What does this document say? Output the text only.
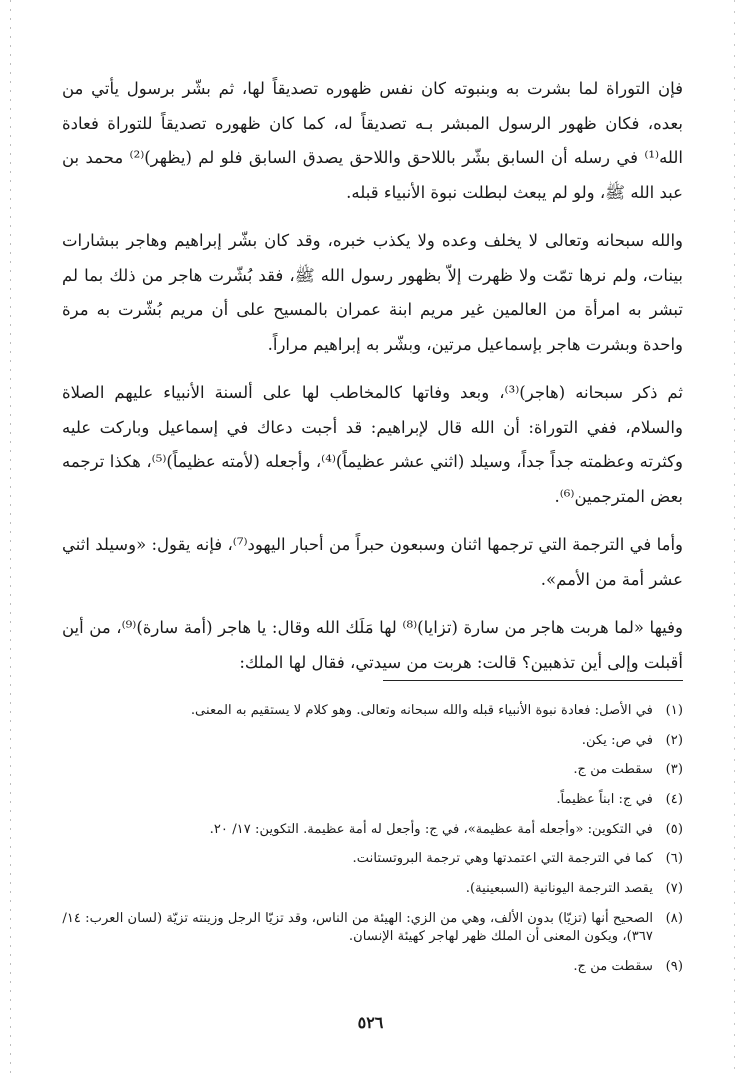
فإن التوراة لما بشرت به وبنبوته كان نفس ظهوره تصديقاً لها، ثم بشّر برسول يأتي من بعده، فكان ظهور الرسول المبشر بـه تصديقاً له، كما كان ظهوره تصديقاً للتوراة فعادة الله⁽¹⁾ في رسله أن السابق بشّر باللاحق واللاحق يصدق السابق فلو لم (يظهر)⁽²⁾ محمد بن عبد الله ﷺ، ولو لم يبعث لبطلت نبوة الأنبياء قبله.

والله سبحانه وتعالى لا يخلف وعده ولا يكذب خبره، وقد كان بشّر إبراهيم وهاجر ببشارات بينات، ولم نرها تمّت ولا ظهرت إلاّ بظهور رسول الله ﷺ، فقد بُشّرت هاجر من ذلك بما لم تبشر به امرأة من العالمين غير مريم ابنة عمران بالمسيح على أن مريم بُشّرت به مرة واحدة وبشرت هاجر بإسماعيل مرتين، وبشّر به إبراهيم مراراً.

ثم ذكر سبحانه (هاجر)⁽³⁾، وبعد وفاتها كالمخاطب لها على ألسنة الأنبياء عليهم الصلاة والسلام، ففي التوراة: أن الله قال لإبراهيم: قد أجبت دعاك في إسماعيل وباركت عليه وكثرته وعظمته جداً جداً، وسيلد (اثني عشر عظيماً)⁽⁴⁾، وأجعله (لأمته عظيماً)⁽⁵⁾، هكذا ترجمه بعض المترجمين⁽⁶⁾.

وأما في الترجمة التي ترجمها اثنان وسبعون حبراً من أحبار اليهود⁽⁷⁾، فإنه يقول: «وسيلد اثني عشر أمة من الأمم».

وفيها «لما هربت هاجر من سارة (تزايا)⁽⁸⁾ لها مَلَك الله وقال: يا هاجر (أمة سارة)⁽⁹⁾، من أين أقبلت وإلى أين تذهبين؟ قالت: هربت من سيدتي، فقال لها الملك:

(١)
في الأصل: فعادة نبوة الأنبياء قبله والله سبحانه وتعالى. وهو كلام لا يستقيم به المعنى.
(٢)
في ص: يكن.
(٣)
سقطت من ج.
(٤)
في ج: ابناً عظيماً.
(٥)
في التكوين: «وأجعله أمة عظيمة»، في ج: وأجعل له أمة عظيمة. التكوين: ١٧/ ٢٠.
(٦)
كما في الترجمة التي اعتمدتها وهي ترجمة البروتستانت.
(٧)
يقصد الترجمة اليونانية (السبعينية).
(٨)
الصحيح أنها (تزيّا) بدون الألف، وهي من الزي: الهيئة من الناس، وقد تزيّا الرجل وزينته تزيّة (لسان العرب: ١٤/ ٣٦٧)، ويكون المعنى أن الملك ظهر لهاجر كهيئة الإنسان.
(٩)
سقطت من ج.
٥٢٦
